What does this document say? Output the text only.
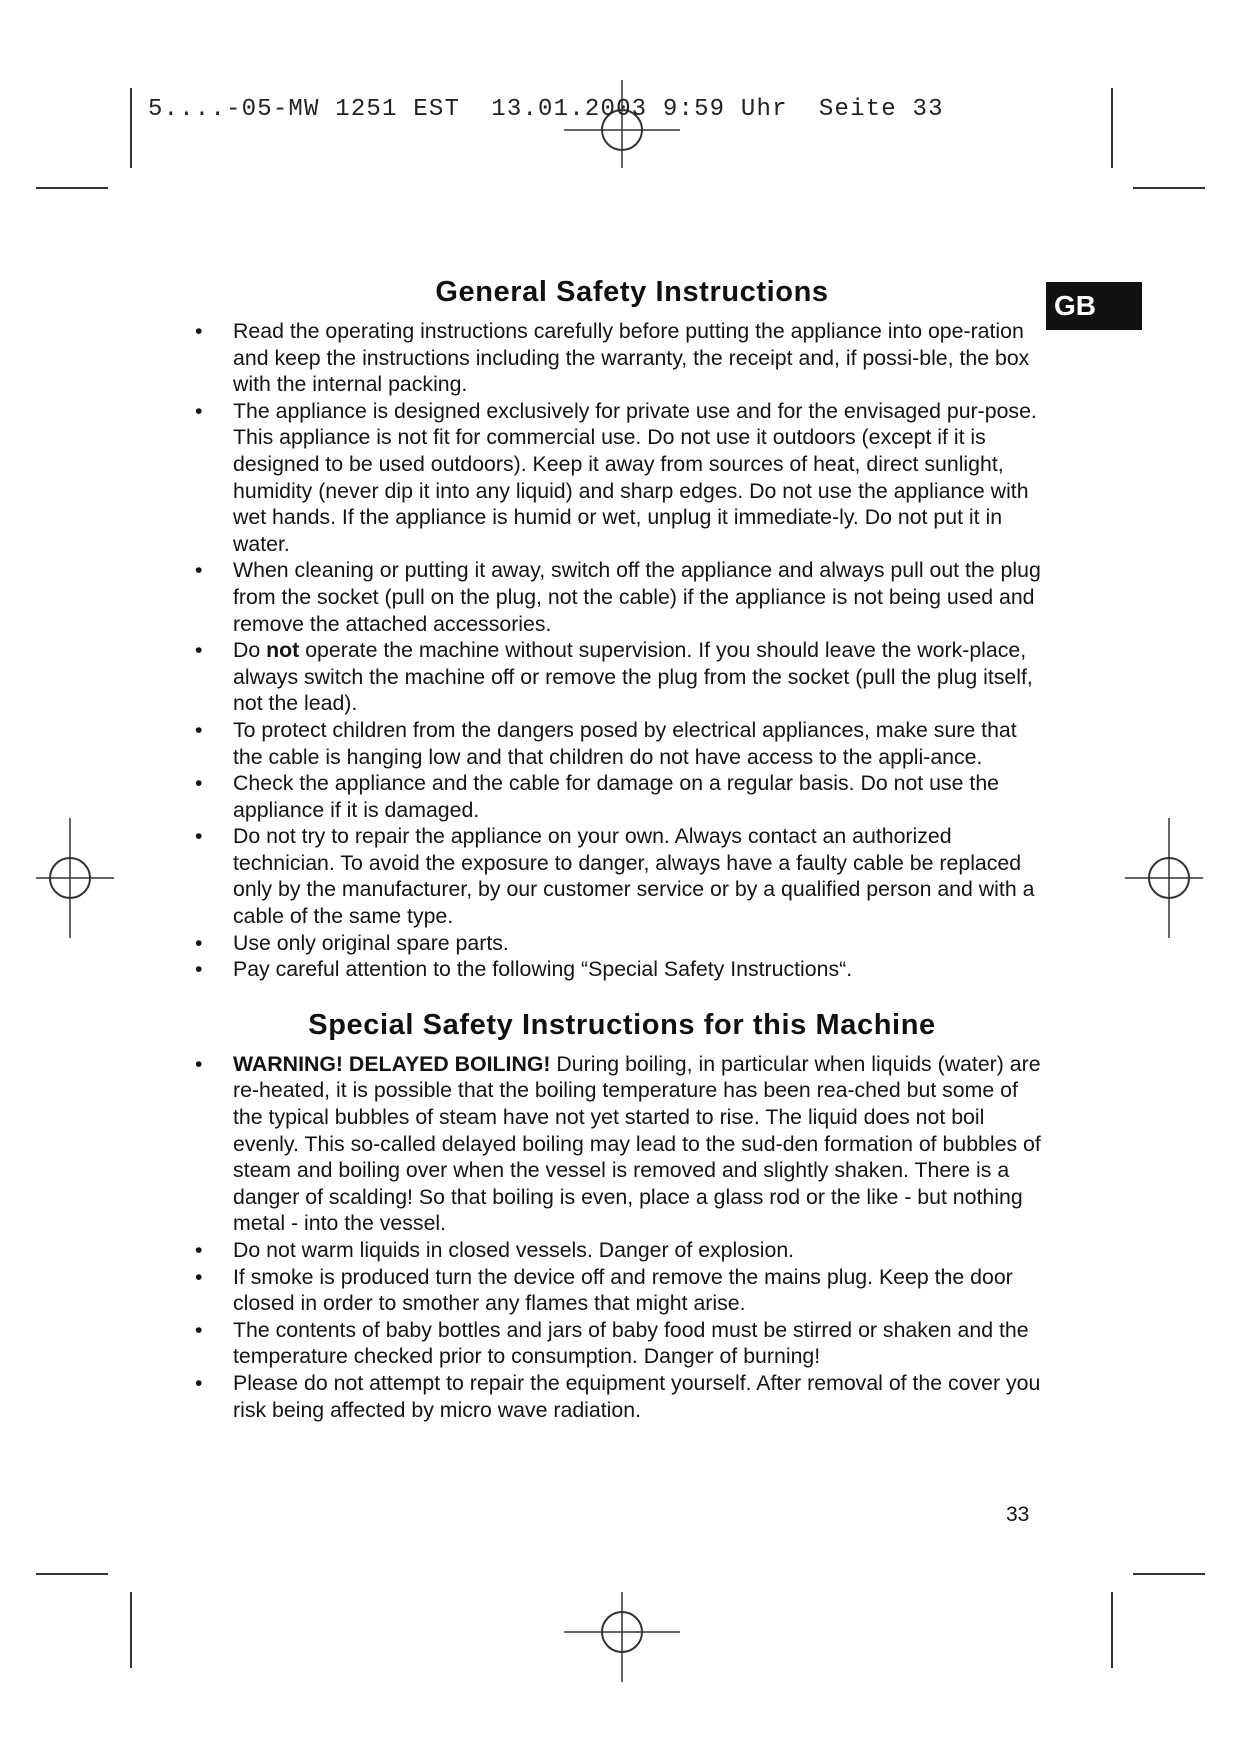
5....-05-MW 1251 EST  13.01.2003 9:59 Uhr  Seite 33
GB
General Safety Instructions
• Read the operating instructions carefully before putting the appliance into ope-ration and keep the instructions including the warranty, the receipt and, if possi-ble, the box with the internal packing.
• The appliance is designed exclusively for private use and for the envisaged pur-pose. This appliance is not fit for commercial use. Do not use it outdoors (except if it is designed to be used outdoors). Keep it away from sources of heat, direct sunlight, humidity (never dip it into any liquid) and sharp edges. Do not use the appliance with wet hands. If the appliance is humid or wet, unplug it immediate-ly. Do not put it in water.
• When cleaning or putting it away, switch off the appliance and always pull out the plug from the socket (pull on the plug, not the cable) if the appliance is not being used and remove the attached accessories.
• Do not operate the machine without supervision. If you should leave the work-place, always switch the machine off or remove the plug from the socket (pull the plug itself, not the lead).
• To protect children from the dangers posed by electrical appliances, make sure that the cable is hanging low and that children do not have access to the appli-ance.
• Check the appliance and the cable for damage on a regular basis. Do not use the appliance if it is damaged.
• Do not try to repair the appliance on your own. Always contact an authorized technician. To avoid the exposure to danger, always have a faulty cable be replaced only by the manufacturer, by our customer service or by a qualified person and with a cable of the same type.
• Use only original spare parts.
• Pay careful attention to the following “Special Safety Instructions“.
Special Safety Instructions for this Machine
• WARNING! DELAYED BOILING! During boiling, in particular when liquids (water) are re-heated, it is possible that the boiling temperature has been rea-ched but some of the typical bubbles of steam have not yet started to rise. The liquid does not boil evenly. This so-called delayed boiling may lead to the sud-den formation of bubbles of steam and boiling over when the vessel is removed and slightly shaken. There is a danger of scalding! So that boiling is even, place a glass rod or the like - but nothing metal - into the vessel.
• Do not warm liquids in closed vessels. Danger of explosion.
• If smoke is produced turn the device off and remove the mains plug. Keep the door closed in order to smother any flames that might arise.
• The contents of baby bottles and jars of baby food must be stirred or shaken and the temperature checked prior to consumption. Danger of burning!
• Please do not attempt to repair the equipment yourself. After removal of the cover you risk being affected by micro wave radiation.
33
